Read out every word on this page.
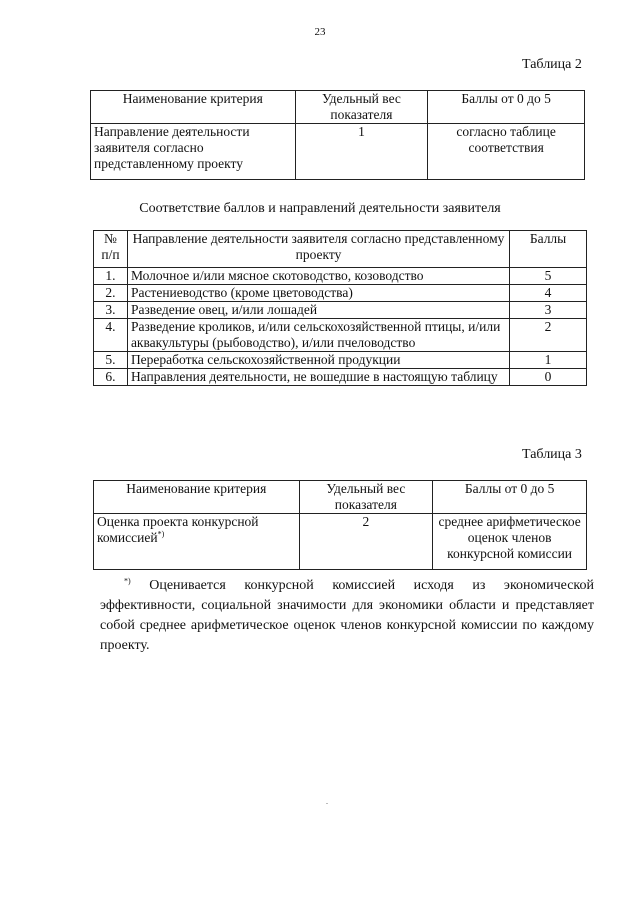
23
Таблица 2
Наименование критерия	Удельный вес показателя	Баллы от 0 до 5
Направление деятельности заявителя согласно представленному проекту	1	согласно таблице соответствия
Соответствие баллов и направлений деятельности заявителя
№ п/п	Направление деятельности заявителя согласно представленному проекту	Баллы
1.	Молочное и/или мясное скотоводство, козоводство	5
2.	Растениеводство (кроме цветоводства)	4
3.	Разведение овец, и/или лошадей	3
4.	Разведение кроликов, и/или сельскохозяйственной птицы, и/или аквакультуры (рыбоводство), и/или пчеловодство	2
5.	Переработка сельскохозяйственной продукции	1
6.	Направления деятельности, не вошедшие в настоящую таблицу	0
Таблица 3
Наименование критерия	Удельный вес показателя	Баллы от 0 до 5
Оценка проекта конкурсной комиссией*)	2	среднее арифметическое оценок членов конкурсной комиссии
*) Оценивается конкурсной комиссией исходя из экономической эффективности, социальной значимости для экономики области и представляет собой среднее арифметическое оценок членов конкурсной комиссии по каждому проекту.
